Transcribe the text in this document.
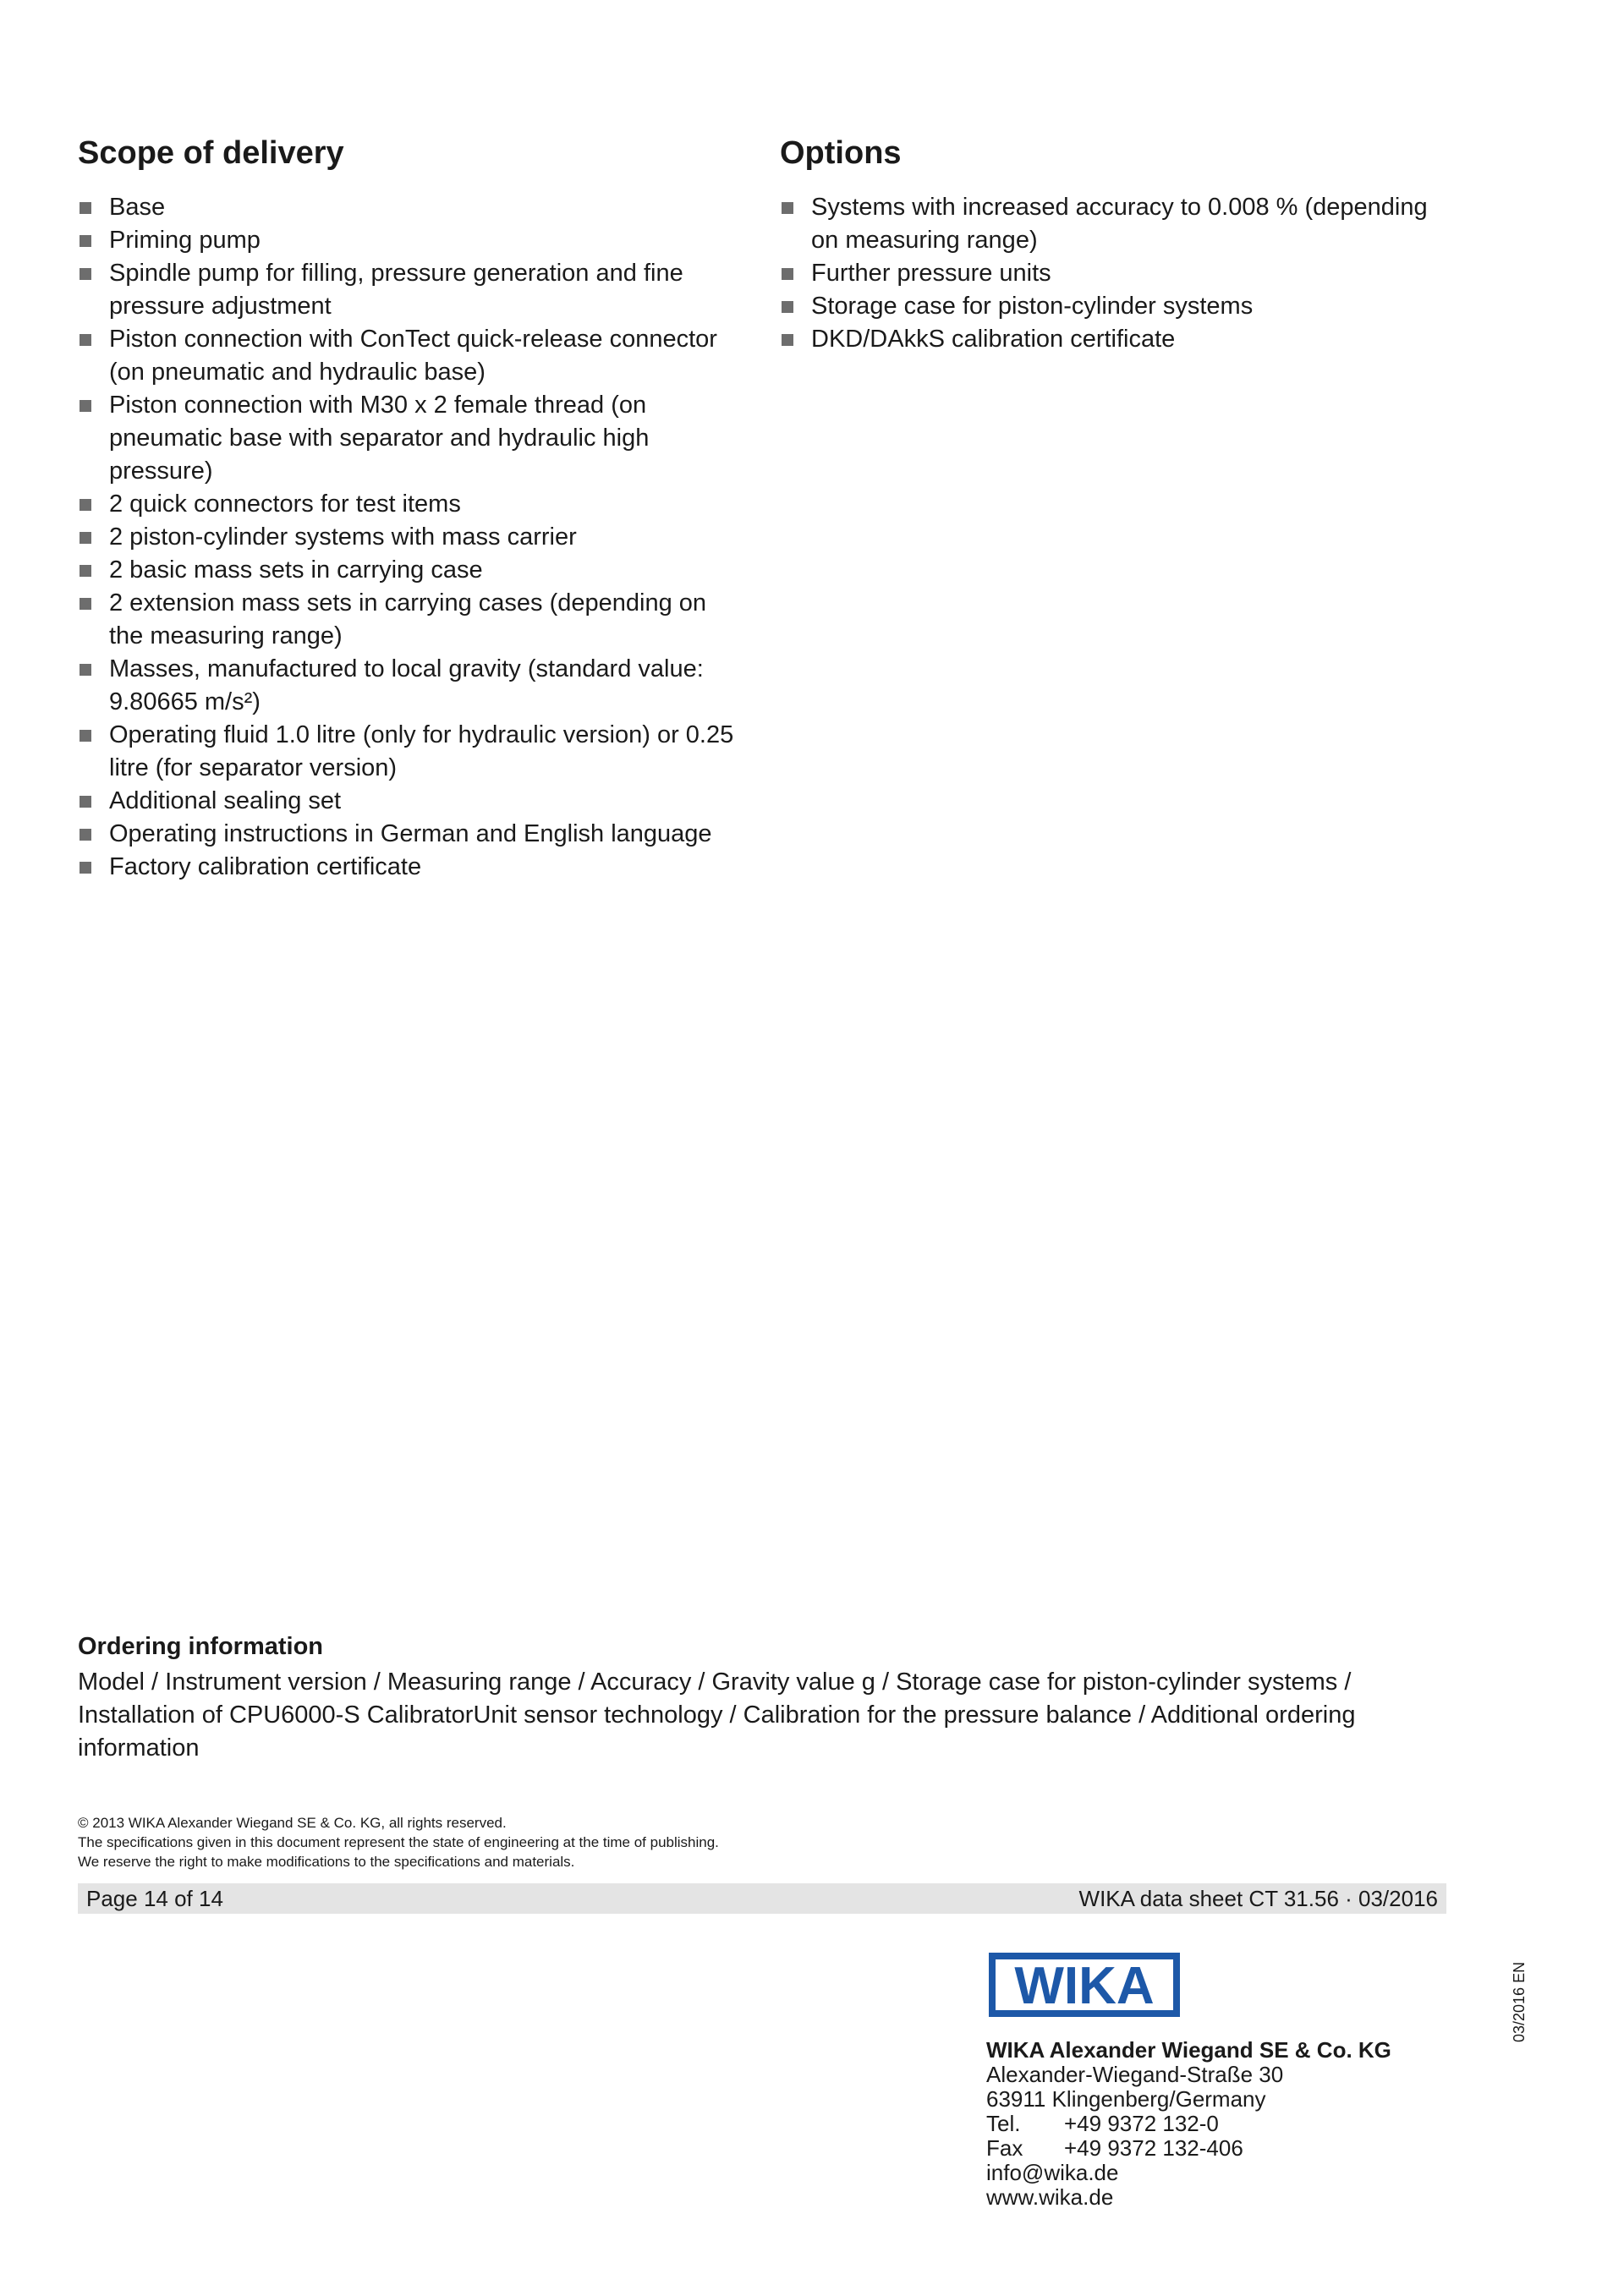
Scope of delivery
Base
Priming pump
Spindle pump for filling, pressure generation and fine pressure adjustment
Piston connection with ConTect quick-release connector (on pneumatic and hydraulic base)
Piston connection with M30 x 2 female thread (on pneumatic base with separator and hydraulic high pressure)
2 quick connectors for test items
2 piston-cylinder systems with mass carrier
2 basic mass sets in carrying case
2 extension mass sets in carrying cases (depending on the measuring range)
Masses, manufactured to local gravity (standard value: 9.80665 m/s²)
Operating fluid 1.0 litre (only for hydraulic version) or 0.25 litre (for separator version)
Additional sealing set
Operating instructions in German and English language
Factory calibration certificate
Options
Systems with increased accuracy to 0.008 % (depending on measuring range)
Further pressure units
Storage case for piston-cylinder systems
DKD/DAkkS calibration certificate
Ordering information

Model / Instrument version / Measuring range / Accuracy / Gravity value g / Storage case for piston-cylinder systems / Installation of CPU6000-S CalibratorUnit sensor technology / Calibration for the pressure balance / Additional ordering information

© 2013 WIKA Alexander Wiegand SE & Co. KG, all rights reserved.
The specifications given in this document represent the state of engineering at the time of publishing.
We reserve the right to make modifications to the specifications and materials.
Page 14 of 14	WIKA data sheet CT 31.56 · 03/2016
03/2016 EN
WIKA
WIKA Alexander Wiegand SE & Co. KG
Alexander-Wiegand-Straße 30
63911 Klingenberg/Germany
Tel.	+49 9372 132-0
Fax	+49 9372 132-406
info@wika.de
www.wika.de
